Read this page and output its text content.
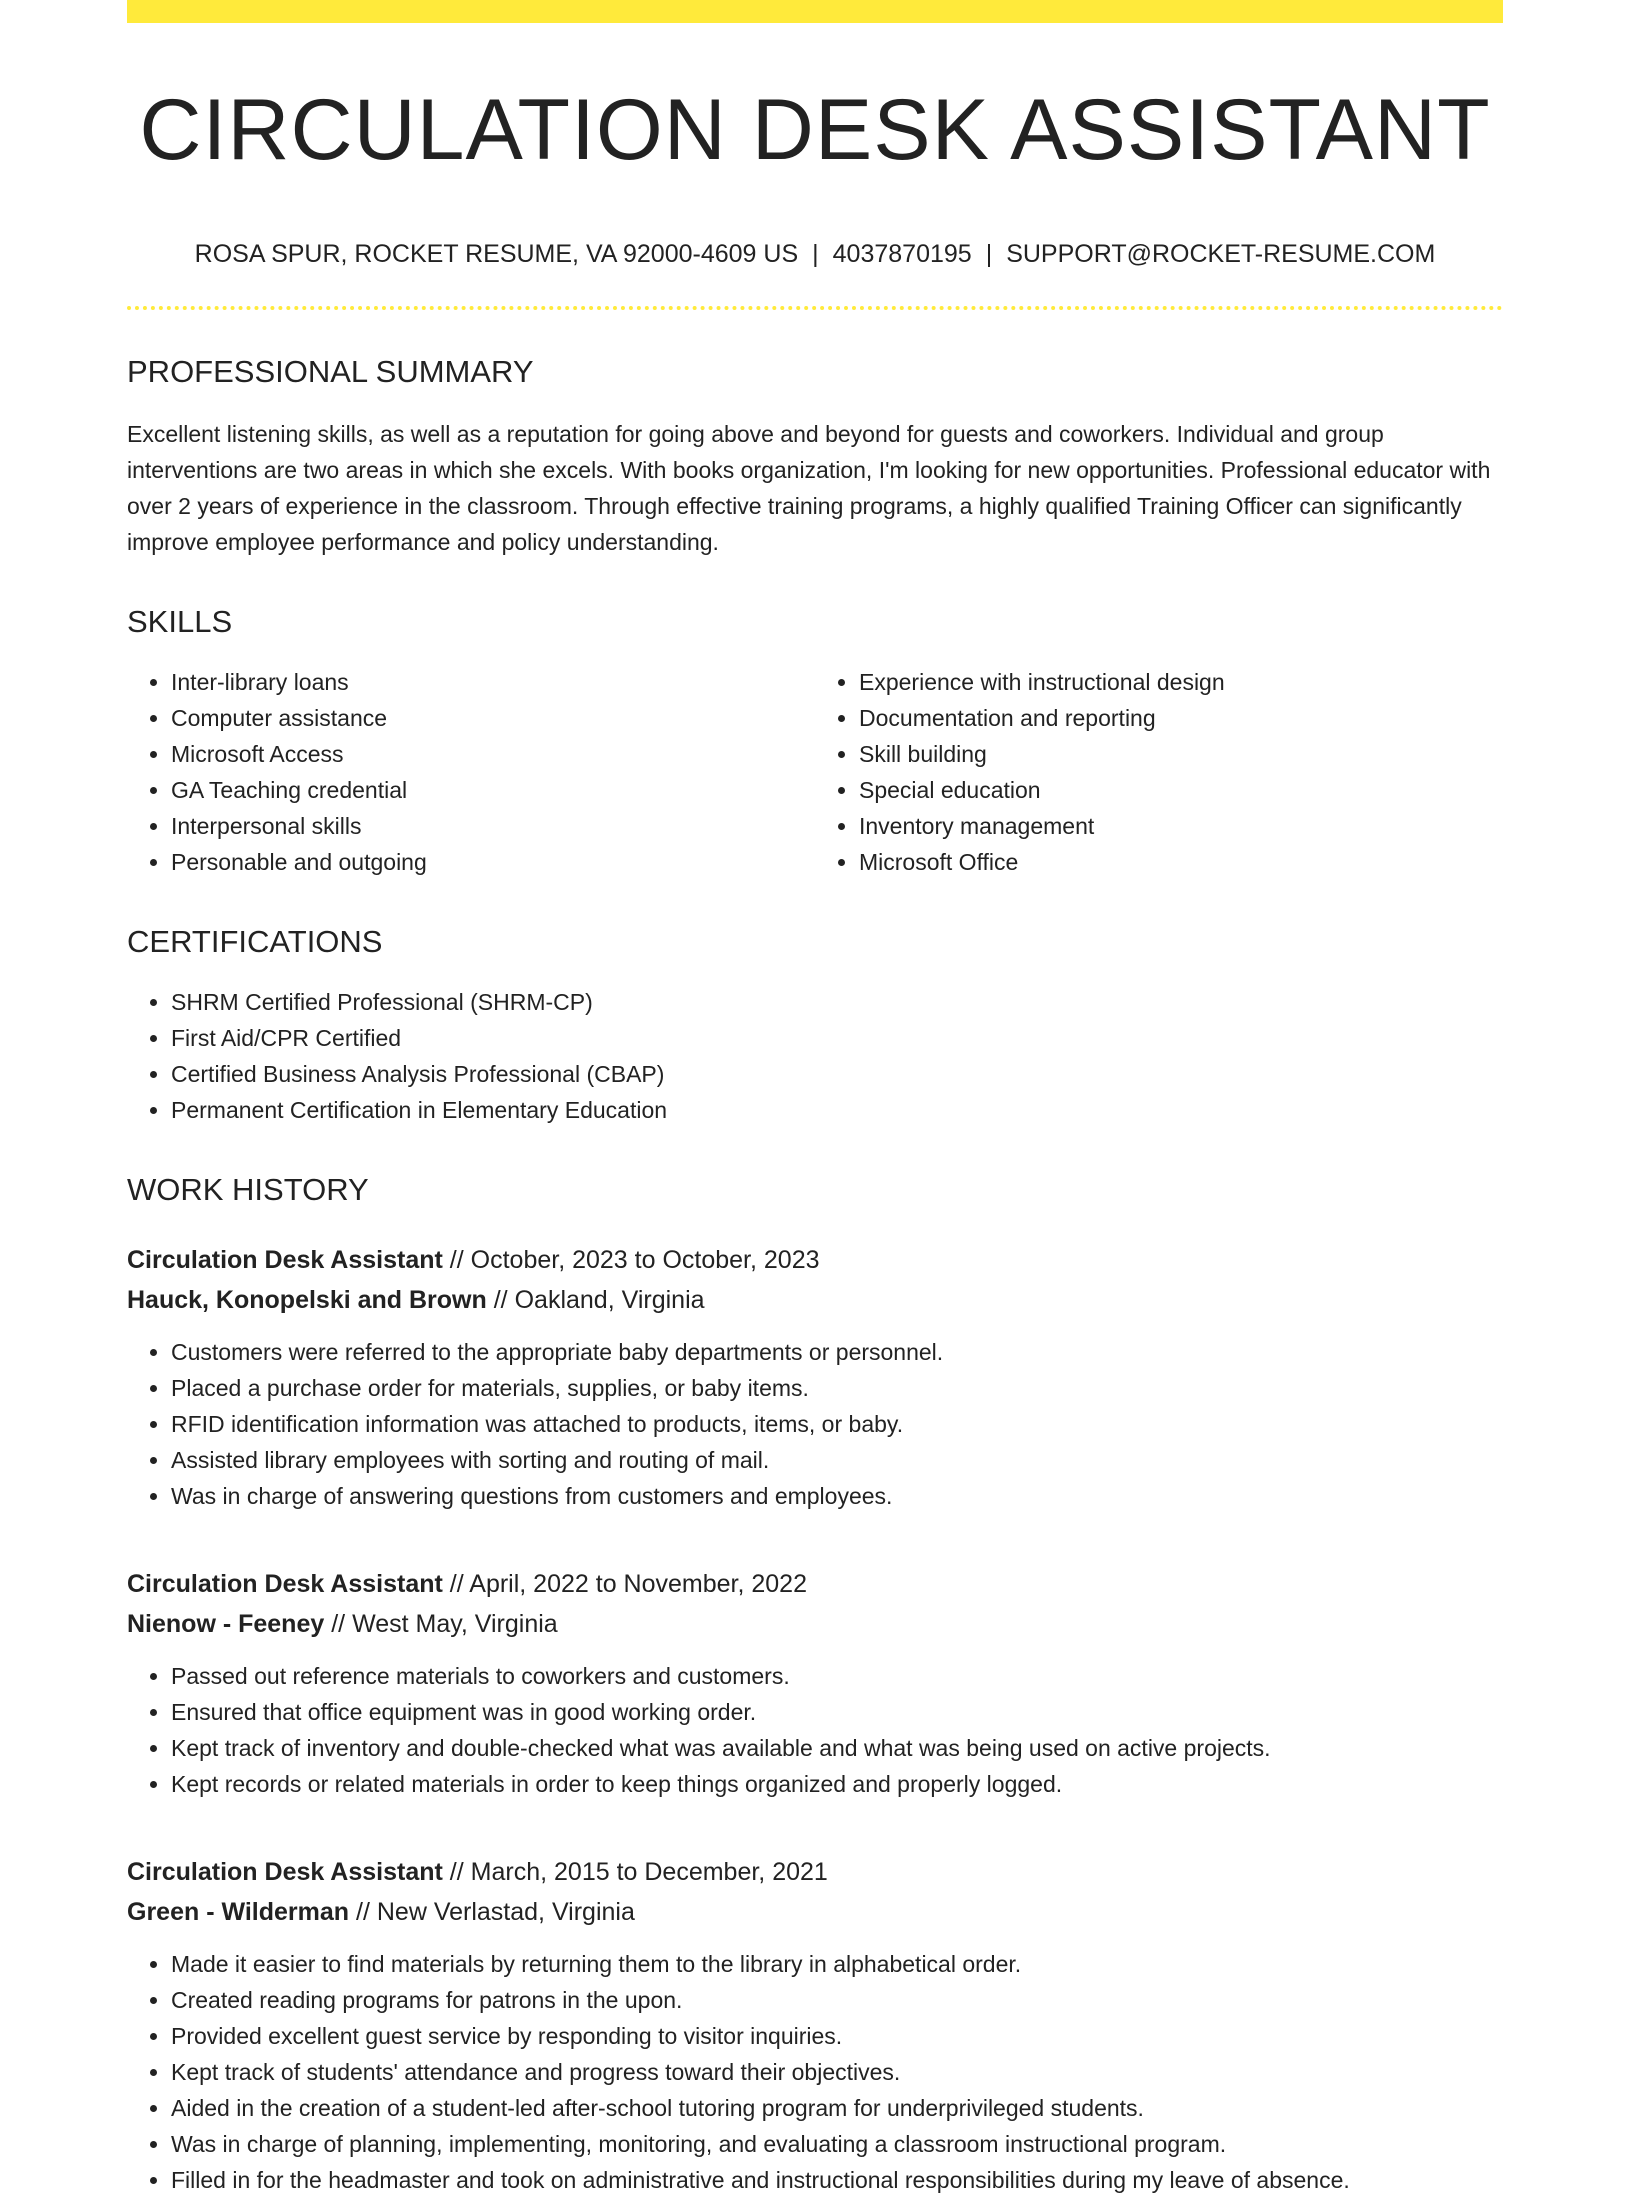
CIRCULATION DESK ASSISTANT
ROSA SPUR, ROCKET RESUME, VA 92000-4609 US | 4037870195 | SUPPORT@ROCKET-RESUME.COM
PROFESSIONAL SUMMARY

Excellent listening skills, as well as a reputation for going above and beyond for guests and coworkers. Individual and group interventions are two areas in which she excels. With books organization, I'm looking for new opportunities. Professional educator with over 2 years of experience in the classroom. Through effective training programs, a highly qualified Training Officer can significantly improve employee performance and policy understanding.

SKILLS
• Inter-library loans
• Computer assistance
• Microsoft Access
• GA Teaching credential
• Interpersonal skills
• Personable and outgoing
• Experience with instructional design
• Documentation and reporting
• Skill building
• Special education
• Inventory management
• Microsoft Office
CERTIFICATIONS
• SHRM Certified Professional (SHRM-CP)
• First Aid/CPR Certified
• Certified Business Analysis Professional (CBAP)
• Permanent Certification in Elementary Education
WORK HISTORY
Circulation Desk Assistant // October, 2023 to October, 2023
Hauck, Konopelski and Brown // Oakland, Virginia
• Customers were referred to the appropriate baby departments or personnel.
• Placed a purchase order for materials, supplies, or baby items.
• RFID identification information was attached to products, items, or baby.
• Assisted library employees with sorting and routing of mail.
• Was in charge of answering questions from customers and employees.
Circulation Desk Assistant // April, 2022 to November, 2022
Nienow - Feeney // West May, Virginia
• Passed out reference materials to coworkers and customers.
• Ensured that office equipment was in good working order.
• Kept track of inventory and double-checked what was available and what was being used on active projects.
• Kept records or related materials in order to keep things organized and properly logged.
Circulation Desk Assistant // March, 2015 to December, 2021
Green - Wilderman // New Verlastad, Virginia
• Made it easier to find materials by returning them to the library in alphabetical order.
• Created reading programs for patrons in the upon.
• Provided excellent guest service by responding to visitor inquiries.
• Kept track of students' attendance and progress toward their objectives.
• Aided in the creation of a student-led after-school tutoring program for underprivileged students.
• Was in charge of planning, implementing, monitoring, and evaluating a classroom instructional program.
• Filled in for the headmaster and took on administrative and instructional responsibilities during my leave of absence.
